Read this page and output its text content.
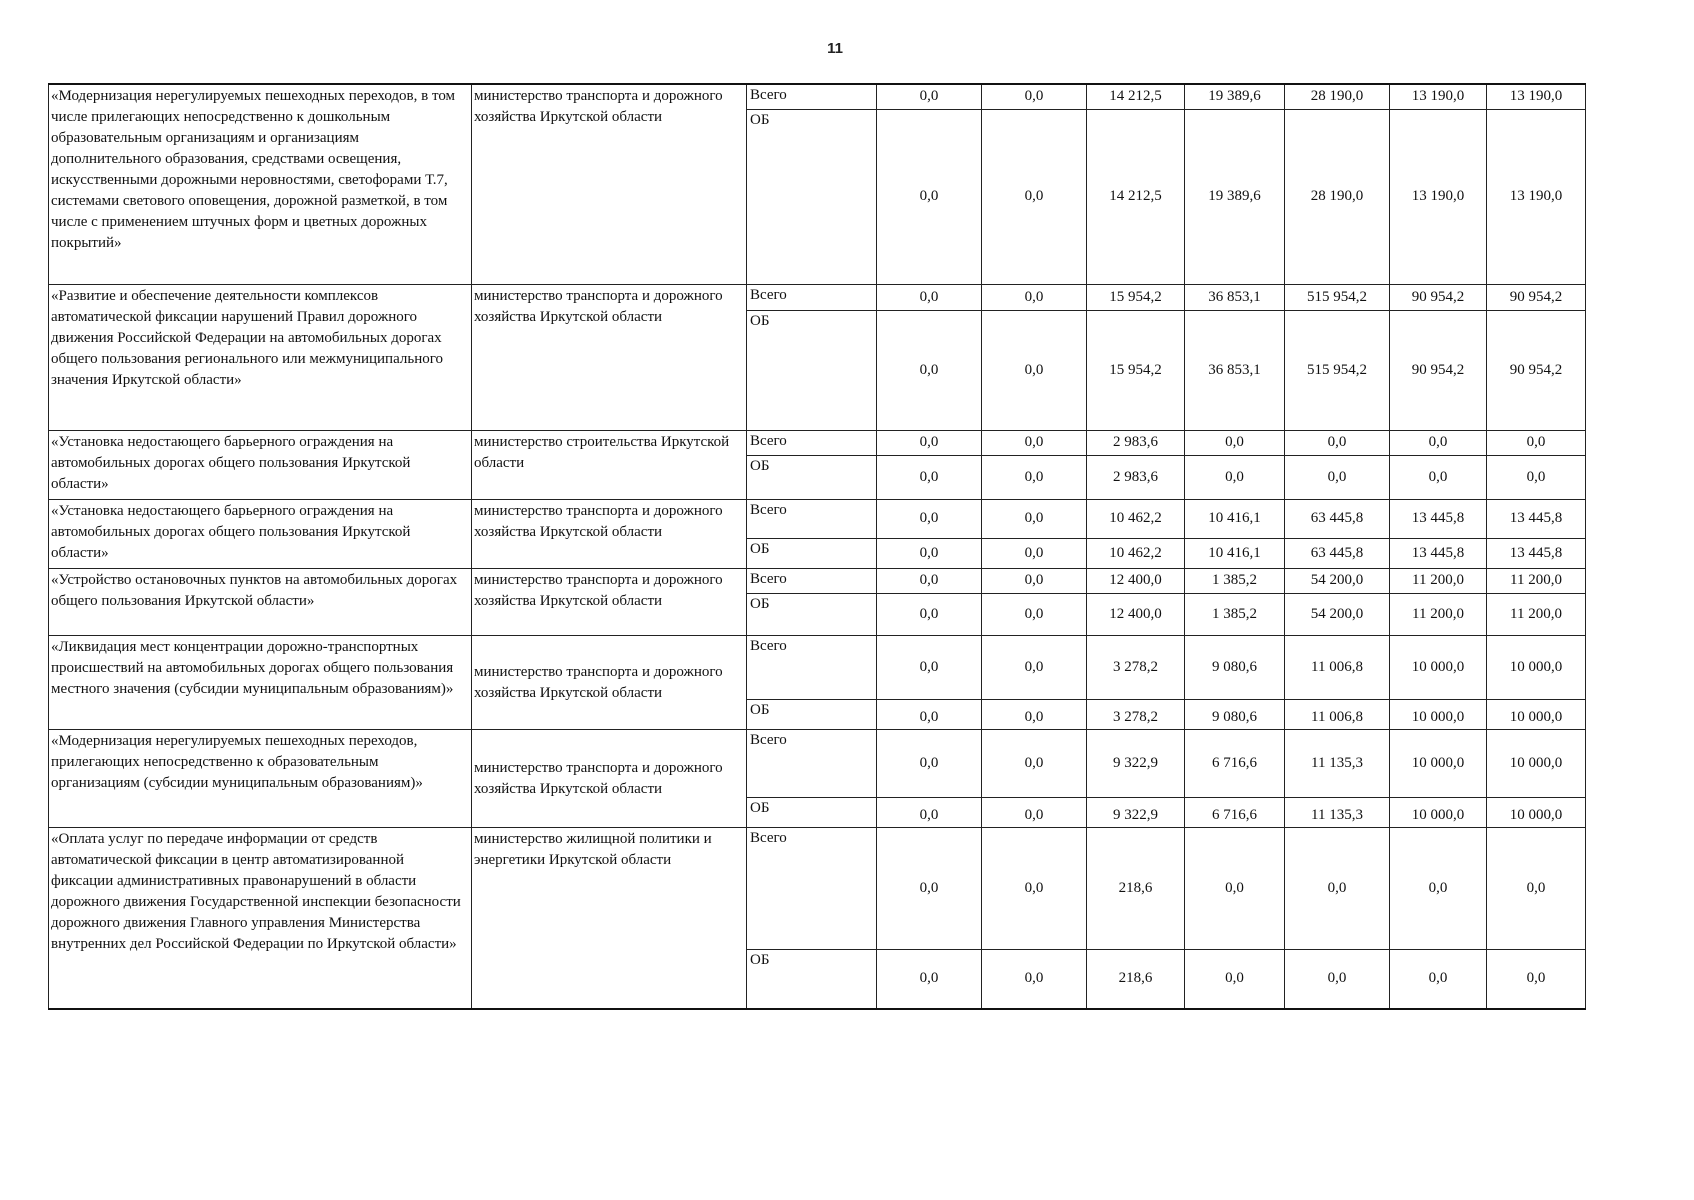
11
«Модернизация нерегулируемых пешеходных переходов, в том числе прилегающих непосредственно к дошкольным образовательным организациям и организациям дополнительного образования, средствами освещения, искусственными дорожными неровностями, светофорами Т.7, системами светового оповещения, дорожной разметкой, в том числе с применением штучных форм и цветных дорожных покрытий»	министерство транспорта и дорожного хозяйства Иркутской области	Всего	0,0	0,0	14 212,5	19 389,6	28 190,0	13 190,0	13 190,0
		ОБ	0,0	0,0	14 212,5	19 389,6	28 190,0	13 190,0	13 190,0
«Развитие и обеспечение деятельности комплексов автоматической фиксации нарушений Правил дорожного движения Российской Федерации на автомобильных дорогах общего пользования регионального или межмуниципального значения Иркутской области»	министерство транспорта и дорожного хозяйства Иркутской области	Всего	0,0	0,0	15 954,2	36 853,1	515 954,2	90 954,2	90 954,2
		ОБ	0,0	0,0	15 954,2	36 853,1	515 954,2	90 954,2	90 954,2
«Установка недостающего барьерного ограждения на автомобильных дорогах общего пользования Иркутской области»	министерство строительства Иркутской области	Всего	0,0	0,0	2 983,6	0,0	0,0	0,0	0,0
		ОБ	0,0	0,0	2 983,6	0,0	0,0	0,0	0,0
«Установка недостающего барьерного ограждения на автомобильных дорогах общего пользования Иркутской области»	министерство транспорта и дорожного хозяйства Иркутской области	Всего	0,0	0,0	10 462,2	10 416,1	63 445,8	13 445,8	13 445,8
		ОБ	0,0	0,0	10 462,2	10 416,1	63 445,8	13 445,8	13 445,8
«Устройство остановочных пунктов на автомобильных дорогах общего пользования Иркутской области»	министерство транспорта и дорожного хозяйства Иркутской области	Всего	0,0	0,0	12 400,0	1 385,2	54 200,0	11 200,0	11 200,0
		ОБ	0,0	0,0	12 400,0	1 385,2	54 200,0	11 200,0	11 200,0
«Ликвидация мест концентрации дорожно-транспортных происшествий на автомобильных дорогах общего пользования местного значения (субсидии муниципальным образованиям)»	министерство транспорта и дорожного хозяйства Иркутской области	Всего	0,0	0,0	3 278,2	9 080,6	11 006,8	10 000,0	10 000,0
		ОБ	0,0	0,0	3 278,2	9 080,6	11 006,8	10 000,0	10 000,0
«Модернизация нерегулируемых пешеходных переходов, прилегающих непосредственно к образовательным организациям (субсидии муниципальным образованиям)»	министерство транспорта и дорожного хозяйства Иркутской области	Всего	0,0	0,0	9 322,9	6 716,6	11 135,3	10 000,0	10 000,0
		ОБ	0,0	0,0	9 322,9	6 716,6	11 135,3	10 000,0	10 000,0
«Оплата услуг по передаче информации от средств автоматической фиксации в центр автоматизированной фиксации административных правонарушений в области дорожного движения Государственной инспекции безопасности дорожного движения Главного управления Министерства внутренних дел Российской Федерации по Иркутской области»	министерство жилищной политики и энергетики Иркутской области	Всего	0,0	0,0	218,6	0,0	0,0	0,0	0,0
		ОБ	0,0	0,0	218,6	0,0	0,0	0,0	0,0
